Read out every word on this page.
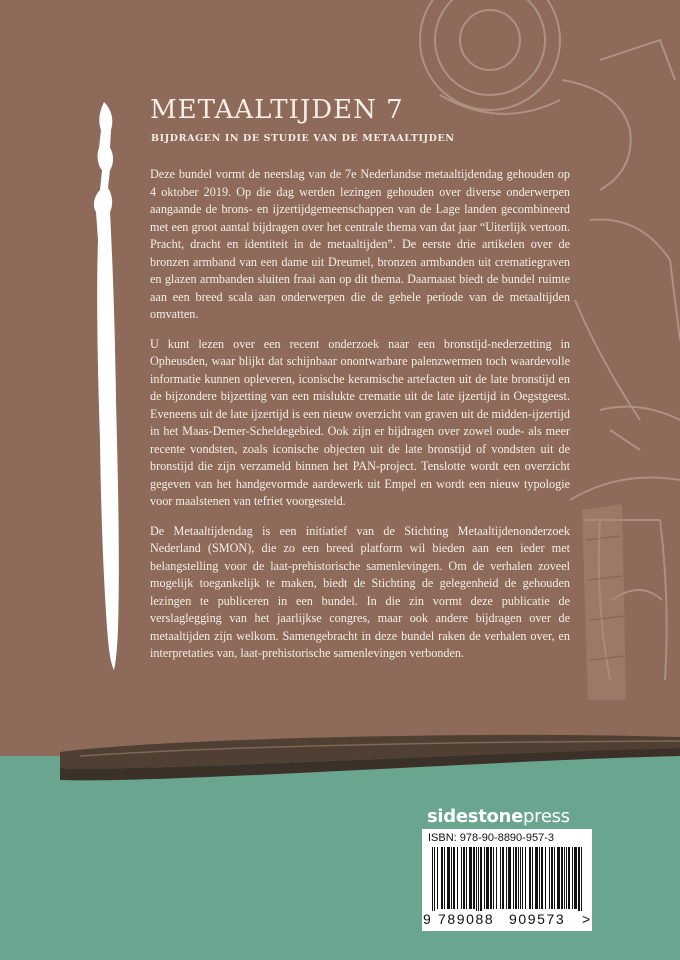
METAALTIJDEN 7
BIJDRAGEN IN DE STUDIE VAN DE METAALTIJDEN

Deze bundel vormt de neerslag van de 7e Nederlandse metaaltijdendag gehouden op 4 oktober 2019. Op die dag werden lezingen gehouden over diverse onderwerpen aangaande de brons- en ijzertijdgemeenschappen van de Lage landen gecombineerd met een groot aantal bijdragen over het centrale thema van dat jaar “Uiterlijk vertoon. Pracht, dracht en identiteit in de metaaltijden”. De eerste drie artikelen over de bronzen armband van een dame uit Dreumel, bronzen armbanden uit crematiegraven en glazen armbanden sluiten fraai aan op dit thema. Daarnaast biedt de bundel ruimte aan een breed scala aan onderwerpen die de gehele periode van de metaaltijden omvatten.

U kunt lezen over een recent onderzoek naar een bronstijd-nederzetting in Opheusden, waar blijkt dat schijnbaar onontwarbare palenzwermen toch waardevolle informatie kunnen opleveren, iconische keramische artefacten uit de late bronstijd en de bijzondere bijzetting van een mislukte crematie uit de late ijzertijd in Oegstgeest. Eveneens uit de late ijzertijd is een nieuw overzicht van graven uit de midden-ijzertijd in het Maas-Demer-Scheldegebied. Ook zijn er bijdragen over zowel oude- als meer recente vondsten, zoals iconische objecten uit de late bronstijd of vondsten uit de bronstijd die zijn verzameld binnen het PAN-project. Tenslotte wordt een overzicht gegeven van het handgevormde aardewerk uit Empel en wordt een nieuw typologie voor maalstenen van tefriet voorgesteld.

De Metaaltijdendag is een initiatief van de Stichting Metaaltijdenonderzoek Nederland (SMON), die zo een breed platform wil bieden aan een ieder met belangstelling voor de laat-prehistorische samenlevingen. Om de verhalen zoveel mogelijk toegankelijk te maken, biedt de Stichting de gelegenheid de gehouden lezingen te publiceren in een bundel. In die zin vormt deze publicatie de verslaglegging van het jaarlijkse congres, maar ook andere bijdragen over de metaaltijden zijn welkom. Samengebracht in deze bundel raken de verhalen over, en interpretaties van, laat-prehistorische samenlevingen verbonden.

sidestonepress
ISBN: 978-90-8890-957-3
9 789088 909573 >
